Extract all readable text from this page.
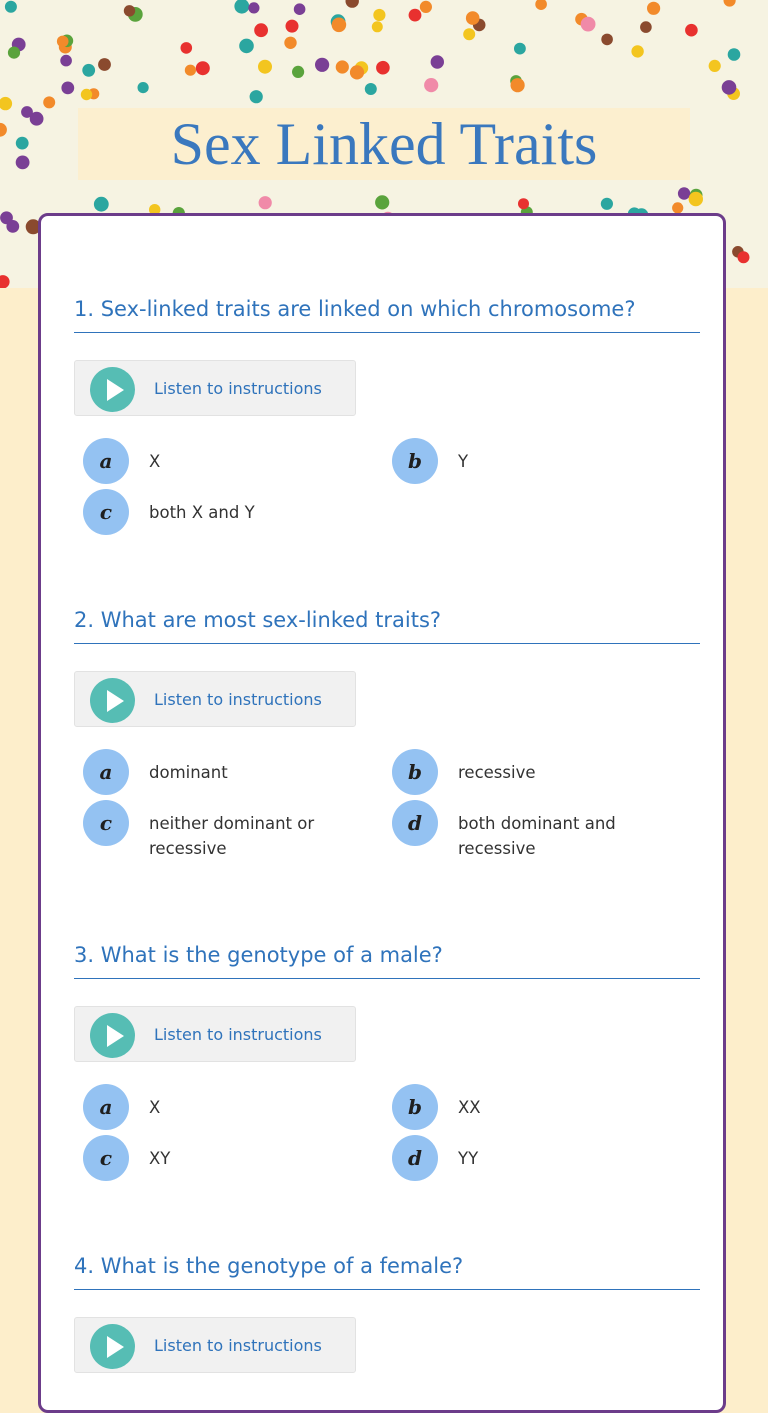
Sex Linked Traits
1. Sex-linked traits are linked on which chromosome?
Listen to instructions
a	X	b	Y
c	both X and Y
2. What are most sex-linked traits?
Listen to instructions
a	dominant	b	recessive
c	neither dominant or recessive
d	both dominant and recessive
3. What is the genotype of a male?
Listen to instructions
a	X	b	XX
c	XY	d	YY
4. What is the genotype of a female?
Listen to instructions
